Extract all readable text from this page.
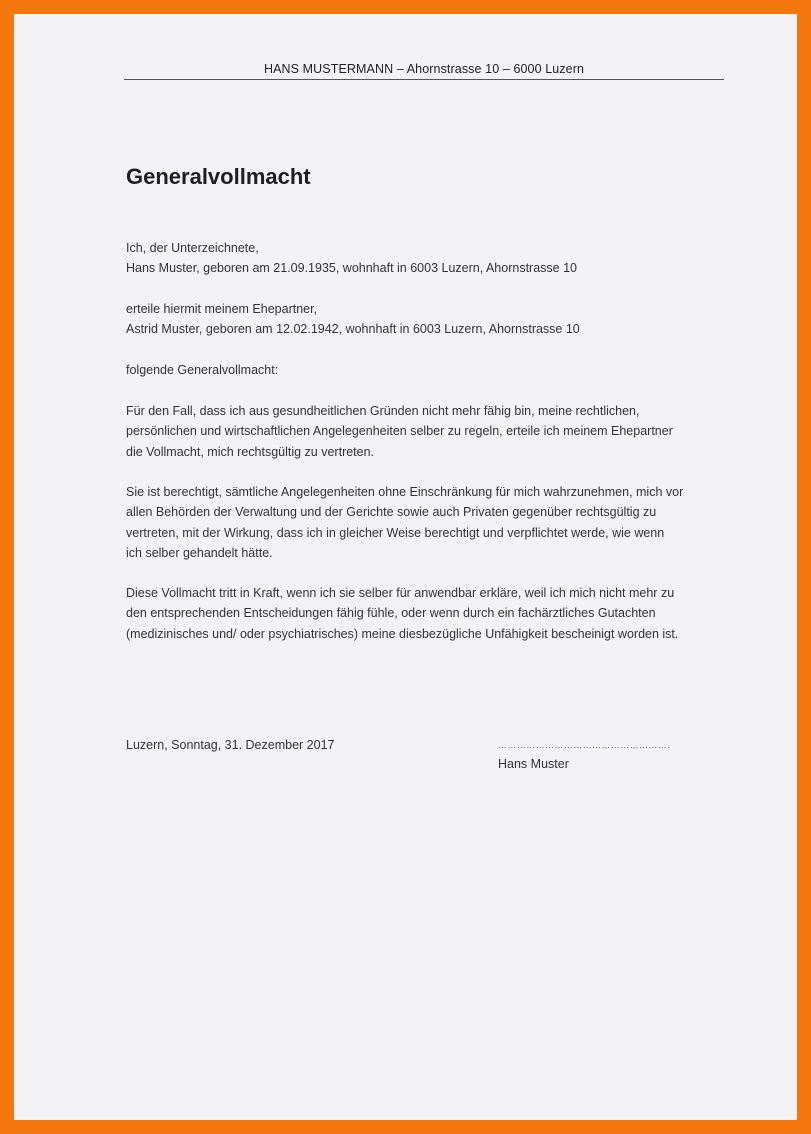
HANS MUSTERMANN – Ahornstrasse 10 – 6000 Luzern
Generalvollmacht

Ich, der Unterzeichnete,

Hans Muster, geboren am 21.09.1935, wohnhaft in 6003 Luzern, Ahornstrasse 10

erteile hiermit meinem Ehepartner,

Astrid Muster, geboren am 12.02.1942, wohnhaft in 6003 Luzern, Ahornstrasse 10

folgende Generalvollmacht:

Für den Fall, dass ich aus gesundheitlichen Gründen nicht mehr fähig bin, meine rechtlichen,

persönlichen und wirtschaftlichen Angelegenheiten selber zu regeln, erteile ich meinem Ehepartner

die Vollmacht, mich rechtsgültig zu vertreten.

Sie ist berechtigt, sämtliche Angelegenheiten ohne Einschränkung für mich wahrzunehmen, mich vor

allen Behörden der Verwaltung und der Gerichte sowie auch Privaten gegenüber rechtsgültig zu

vertreten, mit der Wirkung, dass ich in gleicher Weise berechtigt und verpflichtet werde, wie wenn

ich selber gehandelt hätte.

Diese Vollmacht tritt in Kraft, wenn ich sie selber für anwendbar erkläre, weil ich mich nicht mehr zu

den entsprechenden Entscheidungen fähig fühle, oder wenn durch ein fachärztliches Gutachten

(medizinisches und/ oder psychiatrisches) meine diesbezügliche Unfähigkeit bescheinigt worden ist.

Luzern, Sonntag, 31. Dezember 2017	……………………………………………….
Hans Muster
